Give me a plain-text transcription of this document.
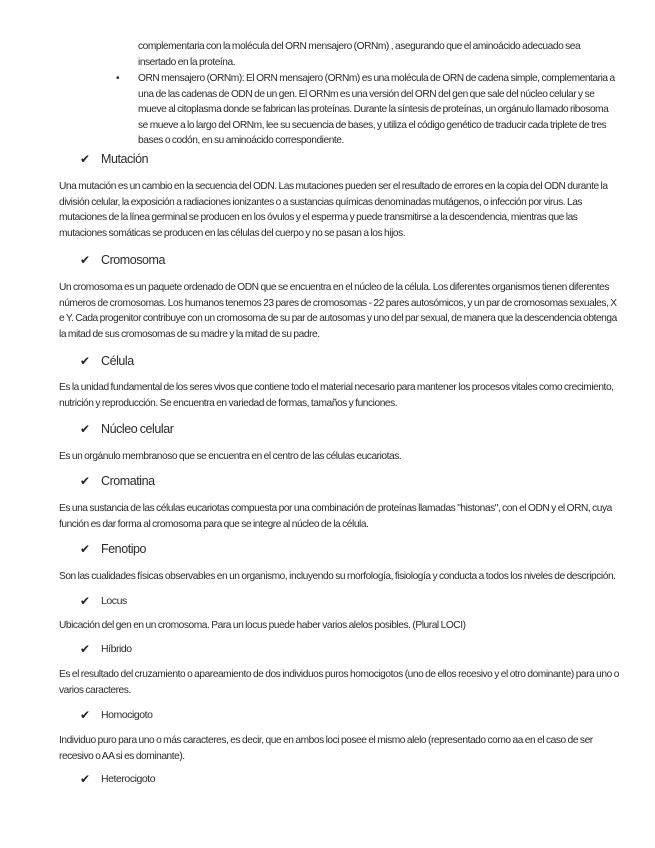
complementaria con la molécula del ORN mensajero (ORNm) , asegurando que el aminoácido adecuado sea insertado en la proteína.
• ORN mensajero (ORNm): El ORN mensajero (ORNm) es una molécula de ORN de cadena simple, complementaria a una de las cadenas de ODN de un gen. El ORNm es una versión del ORN del gen que sale del núcleo celular y se mueve al citoplasma donde se fabrican las proteínas. Durante la síntesis de proteínas, un orgánulo llamado ribosoma se mueve a lo largo del ORNm, lee su secuencia de bases, y utiliza el código genético de traducir cada triplete de tres bases o codón, en su aminoácido correspondiente.
✔ Mutación
Una mutación es un cambio en la secuencia del ODN. Las mutaciones pueden ser el resultado de errores en la copia del ODN durante la división celular, la exposición a radiaciones ionizantes o a sustancias químicas denominadas mutágenos, o infección por virus. Las mutaciones de la línea germinal se producen en los óvulos y el esperma y puede transmitirse a la descendencia, mientras que las mutaciones somáticas se producen en las células del cuerpo y no se pasan a los hijos.
✔ Cromosoma
Un cromosoma es un paquete ordenado de ODN que se encuentra en el núcleo de la célula. Los diferentes organismos tienen diferentes números de cromosomas. Los humanos tenemos 23 pares de cromosomas - 22 pares autosómicos, y un par de cromosomas sexuales, X e Y. Cada progenitor contribuye con un cromosoma de su par de autosomas y uno del par sexual, de manera que la descendencia obtenga la mitad de sus cromosomas de su madre y la mitad de su padre.
✔ Célula
Es la unidad fundamental de los seres vivos que contiene todo el material necesario para mantener los procesos vitales como crecimiento, nutrición y reproducción. Se encuentra en variedad de formas, tamaños y funciones.
✔ Núcleo celular
Es un orgánulo membranoso que se encuentra en el centro de las células eucariotas.
✔ Cromatina
Es una sustancia de las células eucariotas compuesta por una combinación de proteínas llamadas "histonas", con el ODN y el ORN, cuya función es dar forma al cromosoma para que se integre al núcleo de la célula.
✔ Fenotipo
Son las cualidades físicas observables en un organismo, incluyendo su morfología, fisiología y conducta a todos los niveles de descripción.
✔	Locus
Ubicación del gen en un cromosoma. Para un locus puede haber varios alelos posibles. (Plural LOCI)
✔	Híbrido
Es el resultado del cruzamiento o apareamiento de dos individuos puros homocigotos (uno de ellos recesivo y el otro dominante) para uno o varios caracteres.
✔	Homocigoto
Individuo puro para uno o más caracteres, es decir, que en ambos loci posee el mismo alelo (representado como aa en el caso de ser recesivo o AA si es dominante).
✔	Heterocigoto
